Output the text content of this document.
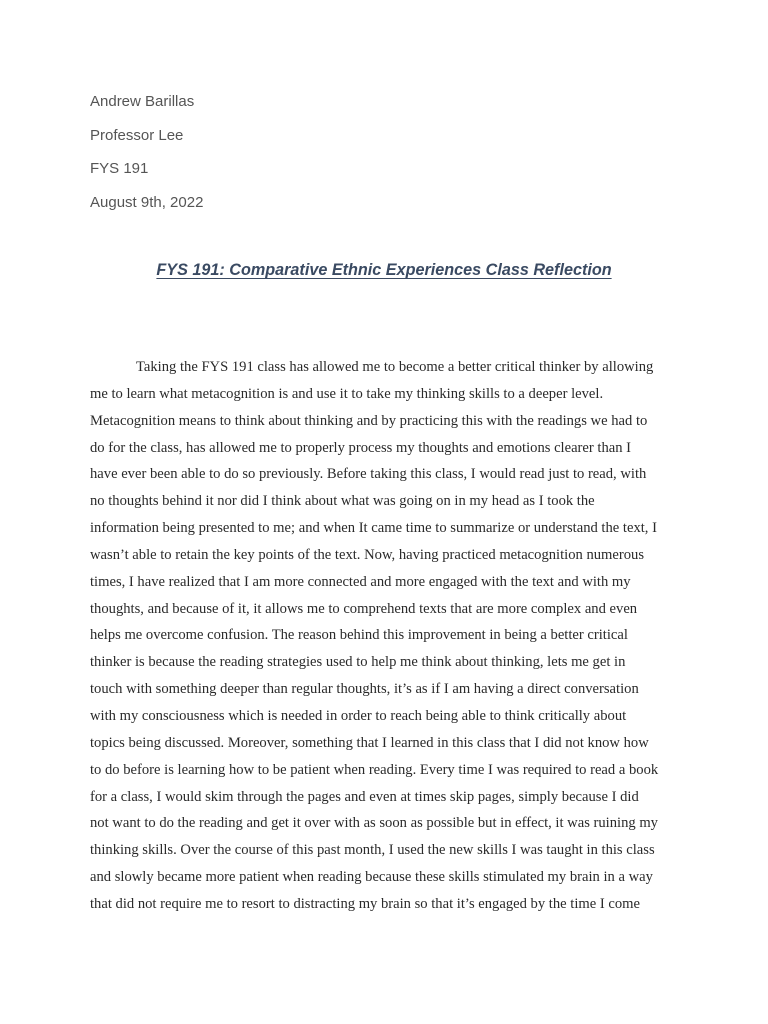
Andrew Barillas
Professor Lee
FYS 191
August 9th, 2022
FYS 191: Comparative Ethnic Experiences Class Reflection
Taking the FYS 191 class has allowed me to become a better critical thinker by allowing
me to learn what metacognition is and use it to take my thinking skills to a deeper level.
Metacognition means to think about thinking and by practicing this with the readings we had to
do for the class, has allowed me to properly process my thoughts and emotions clearer than I
have ever been able to do so previously. Before taking this class, I would read just to read, with
no thoughts behind it nor did I think about what was going on in my head as I took the
information being presented to me; and when It came time to summarize or understand the text, I
wasn’t able to retain the key points of the text. Now, having practiced metacognition numerous
times, I have realized that I am more connected and more engaged with the text and with my
thoughts, and because of it, it allows me to comprehend texts that are more complex and even
helps me overcome confusion. The reason behind this improvement in being a better critical
thinker is because the reading strategies used to help me think about thinking, lets me get in
touch with something deeper than regular thoughts, it’s as if I am having a direct conversation
with my consciousness which is needed in order to reach being able to think critically about
topics being discussed. Moreover, something that I learned in this class that I did not know how
to do before is learning how to be patient when reading. Every time I was required to read a book
for a class, I would skim through the pages and even at times skip pages, simply because I did
not want to do the reading and get it over with as soon as possible but in effect, it was ruining my
thinking skills. Over the course of this past month, I used the new skills I was taught in this class
and slowly became more patient when reading because these skills stimulated my brain in a way
that did not require me to resort to distracting my brain so that it’s engaged by the time I come
